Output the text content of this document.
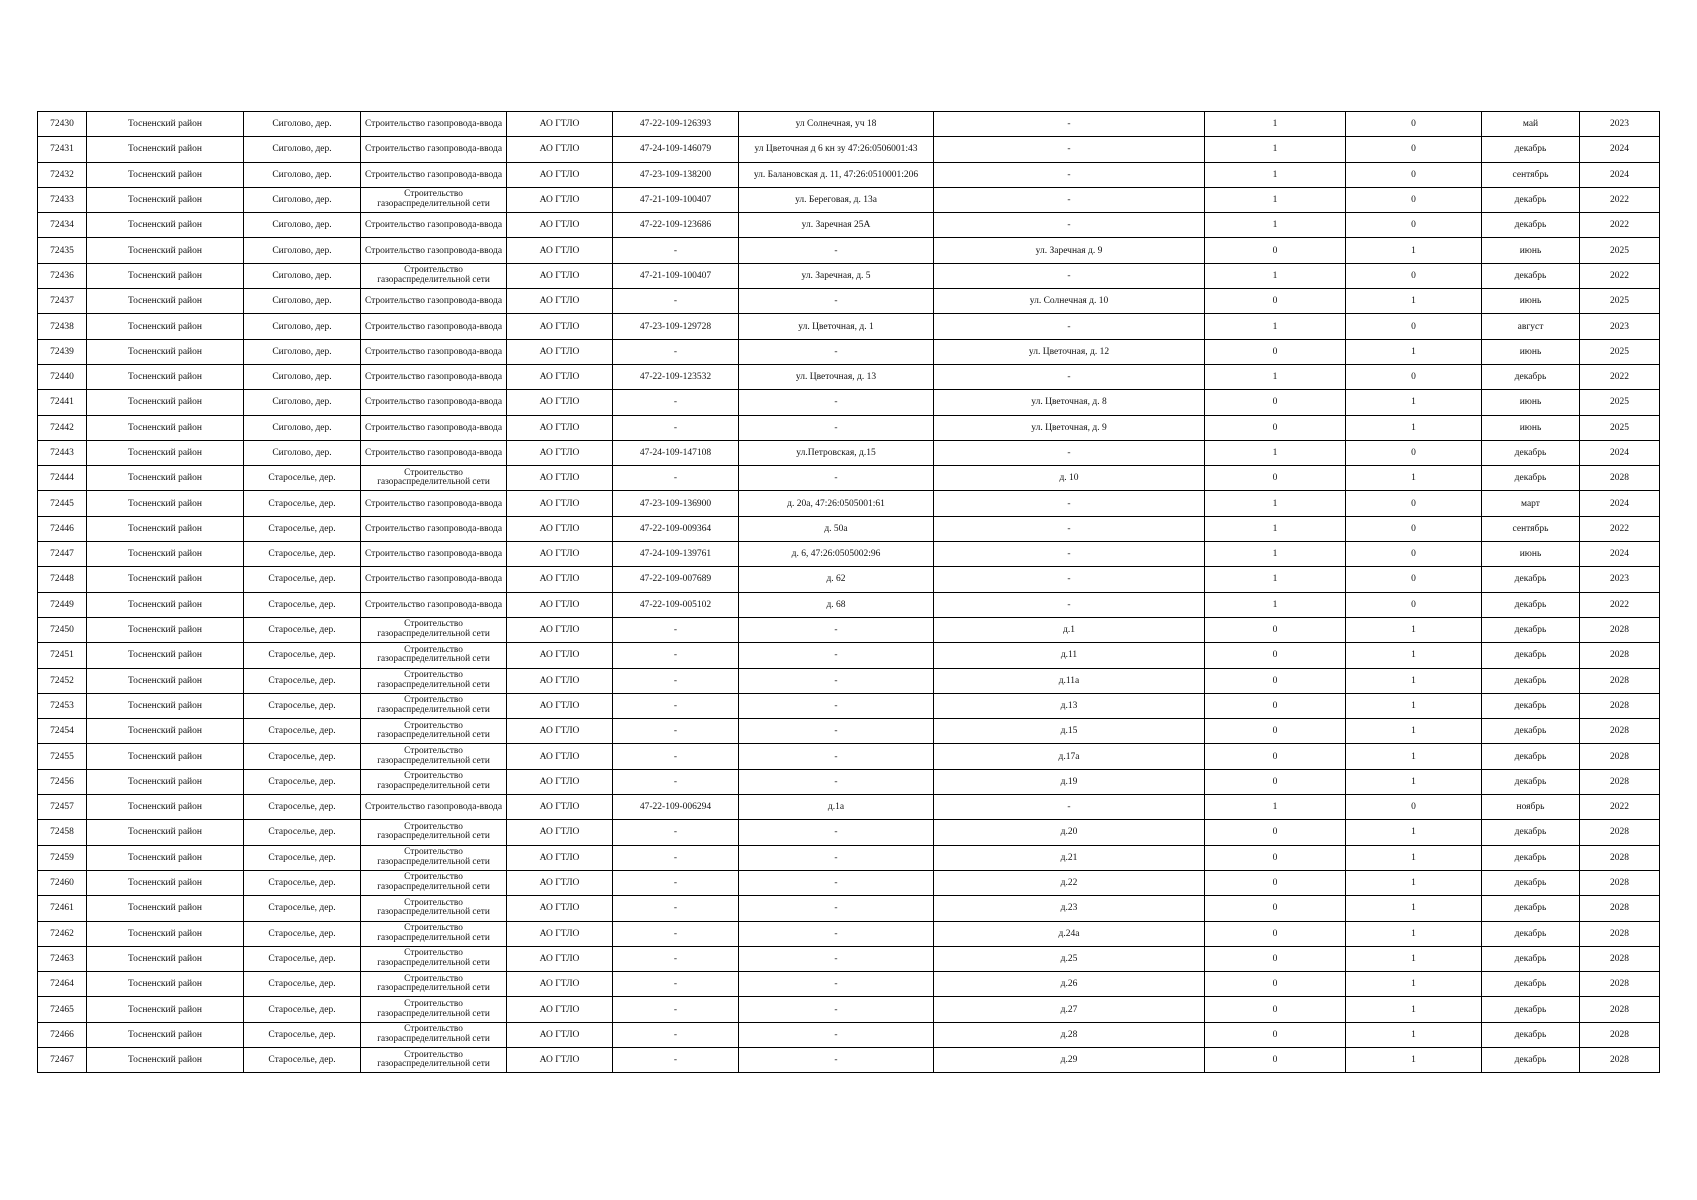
72430	Тосненский район	Сиголово, дер.	Строительство газопровода-ввода	АО ГТЛО	47-22-109-126393	ул Солнечная, уч 18	-	1	0	май	2023
72431	Тосненский район	Сиголово, дер.	Строительство газопровода-ввода	АО ГТЛО	47-24-109-146079	ул Цветочная д 6 кн зу 47:26:0506001:43	-	1	0	декабрь	2024
72432	Тосненский район	Сиголово, дер.	Строительство газопровода-ввода	АО ГТЛО	47-23-109-138200	ул. Балановская д. 11, 47:26:0510001:206	-	1	0	сентябрь	2024
72433	Тосненский район	Сиголово, дер.	Строительство газораспределительной сети	АО ГТЛО	47-21-109-100407	ул. Береговая, д. 13а	-	1	0	декабрь	2022
72434	Тосненский район	Сиголово, дер.	Строительство газопровода-ввода	АО ГТЛО	47-22-109-123686	ул. Заречная 25А	-	1	0	декабрь	2022
72435	Тосненский район	Сиголово, дер.	Строительство газопровода-ввода	АО ГТЛО	-	-	ул. Заречная д. 9	0	1	июнь	2025
72436	Тосненский район	Сиголово, дер.	Строительство газораспределительной сети	АО ГТЛО	47-21-109-100407	ул. Заречная, д. 5	-	1	0	декабрь	2022
72437	Тосненский район	Сиголово, дер.	Строительство газопровода-ввода	АО ГТЛО	-	-	ул. Солнечная д. 10	0	1	июнь	2025
72438	Тосненский район	Сиголово, дер.	Строительство газопровода-ввода	АО ГТЛО	47-23-109-129728	ул. Цветочная, д. 1	-	1	0	август	2023
72439	Тосненский район	Сиголово, дер.	Строительство газопровода-ввода	АО ГТЛО	-	-	ул. Цветочная, д. 12	0	1	июнь	2025
72440	Тосненский район	Сиголово, дер.	Строительство газопровода-ввода	АО ГТЛО	47-22-109-123532	ул. Цветочная, д. 13	-	1	0	декабрь	2022
72441	Тосненский район	Сиголово, дер.	Строительство газопровода-ввода	АО ГТЛО	-	-	ул. Цветочная, д. 8	0	1	июнь	2025
72442	Тосненский район	Сиголово, дер.	Строительство газопровода-ввода	АО ГТЛО	-	-	ул. Цветочная, д. 9	0	1	июнь	2025
72443	Тосненский район	Сиголово, дер.	Строительство газопровода-ввода	АО ГТЛО	47-24-109-147108	ул.Петровская, д.15	-	1	0	декабрь	2024
72444	Тосненский район	Староселье, дер.	Строительство газораспределительной сети	АО ГТЛО	-	-	д. 10	0	1	декабрь	2028
72445	Тосненский район	Староселье, дер.	Строительство газопровода-ввода	АО ГТЛО	47-23-109-136900	д. 20а, 47:26:0505001:61	-	1	0	март	2024
72446	Тосненский район	Староселье, дер.	Строительство газопровода-ввода	АО ГТЛО	47-22-109-009364	д. 50а	-	1	0	сентябрь	2022
72447	Тосненский район	Староселье, дер.	Строительство газопровода-ввода	АО ГТЛО	47-24-109-139761	д. 6, 47:26:0505002:96	-	1	0	июнь	2024
72448	Тосненский район	Староселье, дер.	Строительство газопровода-ввода	АО ГТЛО	47-22-109-007689	д. 62	-	1	0	декабрь	2023
72449	Тосненский район	Староселье, дер.	Строительство газопровода-ввода	АО ГТЛО	47-22-109-005102	д. 68	-	1	0	декабрь	2022
72450	Тосненский район	Староселье, дер.	Строительство газораспределительной сети	АО ГТЛО	-	-	д.1	0	1	декабрь	2028
72451	Тосненский район	Староселье, дер.	Строительство газораспределительной сети	АО ГТЛО	-	-	д.11	0	1	декабрь	2028
72452	Тосненский район	Староселье, дер.	Строительство газораспределительной сети	АО ГТЛО	-	-	д.11а	0	1	декабрь	2028
72453	Тосненский район	Староселье, дер.	Строительство газораспределительной сети	АО ГТЛО	-	-	д.13	0	1	декабрь	2028
72454	Тосненский район	Староселье, дер.	Строительство газораспределительной сети	АО ГТЛО	-	-	д.15	0	1	декабрь	2028
72455	Тосненский район	Староселье, дер.	Строительство газораспределительной сети	АО ГТЛО	-	-	д.17а	0	1	декабрь	2028
72456	Тосненский район	Староселье, дер.	Строительство газораспределительной сети	АО ГТЛО	-	-	д.19	0	1	декабрь	2028
72457	Тосненский район	Староселье, дер.	Строительство газопровода-ввода	АО ГТЛО	47-22-109-006294	д.1а	-	1	0	ноябрь	2022
72458	Тосненский район	Староселье, дер.	Строительство газораспределительной сети	АО ГТЛО	-	-	д.20	0	1	декабрь	2028
72459	Тосненский район	Староселье, дер.	Строительство газораспределительной сети	АО ГТЛО	-	-	д.21	0	1	декабрь	2028
72460	Тосненский район	Староселье, дер.	Строительство газораспределительной сети	АО ГТЛО	-	-	д.22	0	1	декабрь	2028
72461	Тосненский район	Староселье, дер.	Строительство газораспределительной сети	АО ГТЛО	-	-	д.23	0	1	декабрь	2028
72462	Тосненский район	Староселье, дер.	Строительство газораспределительной сети	АО ГТЛО	-	-	д.24а	0	1	декабрь	2028
72463	Тосненский район	Староселье, дер.	Строительство газораспределительной сети	АО ГТЛО	-	-	д.25	0	1	декабрь	2028
72464	Тосненский район	Староселье, дер.	Строительство газораспределительной сети	АО ГТЛО	-	-	д.26	0	1	декабрь	2028
72465	Тосненский район	Староселье, дер.	Строительство газораспределительной сети	АО ГТЛО	-	-	д.27	0	1	декабрь	2028
72466	Тосненский район	Староселье, дер.	Строительство газораспределительной сети	АО ГТЛО	-	-	д.28	0	1	декабрь	2028
72467	Тосненский район	Староселье, дер.	Строительство газораспределительной сети	АО ГТЛО	-	-	д.29	0	1	декабрь	2028
